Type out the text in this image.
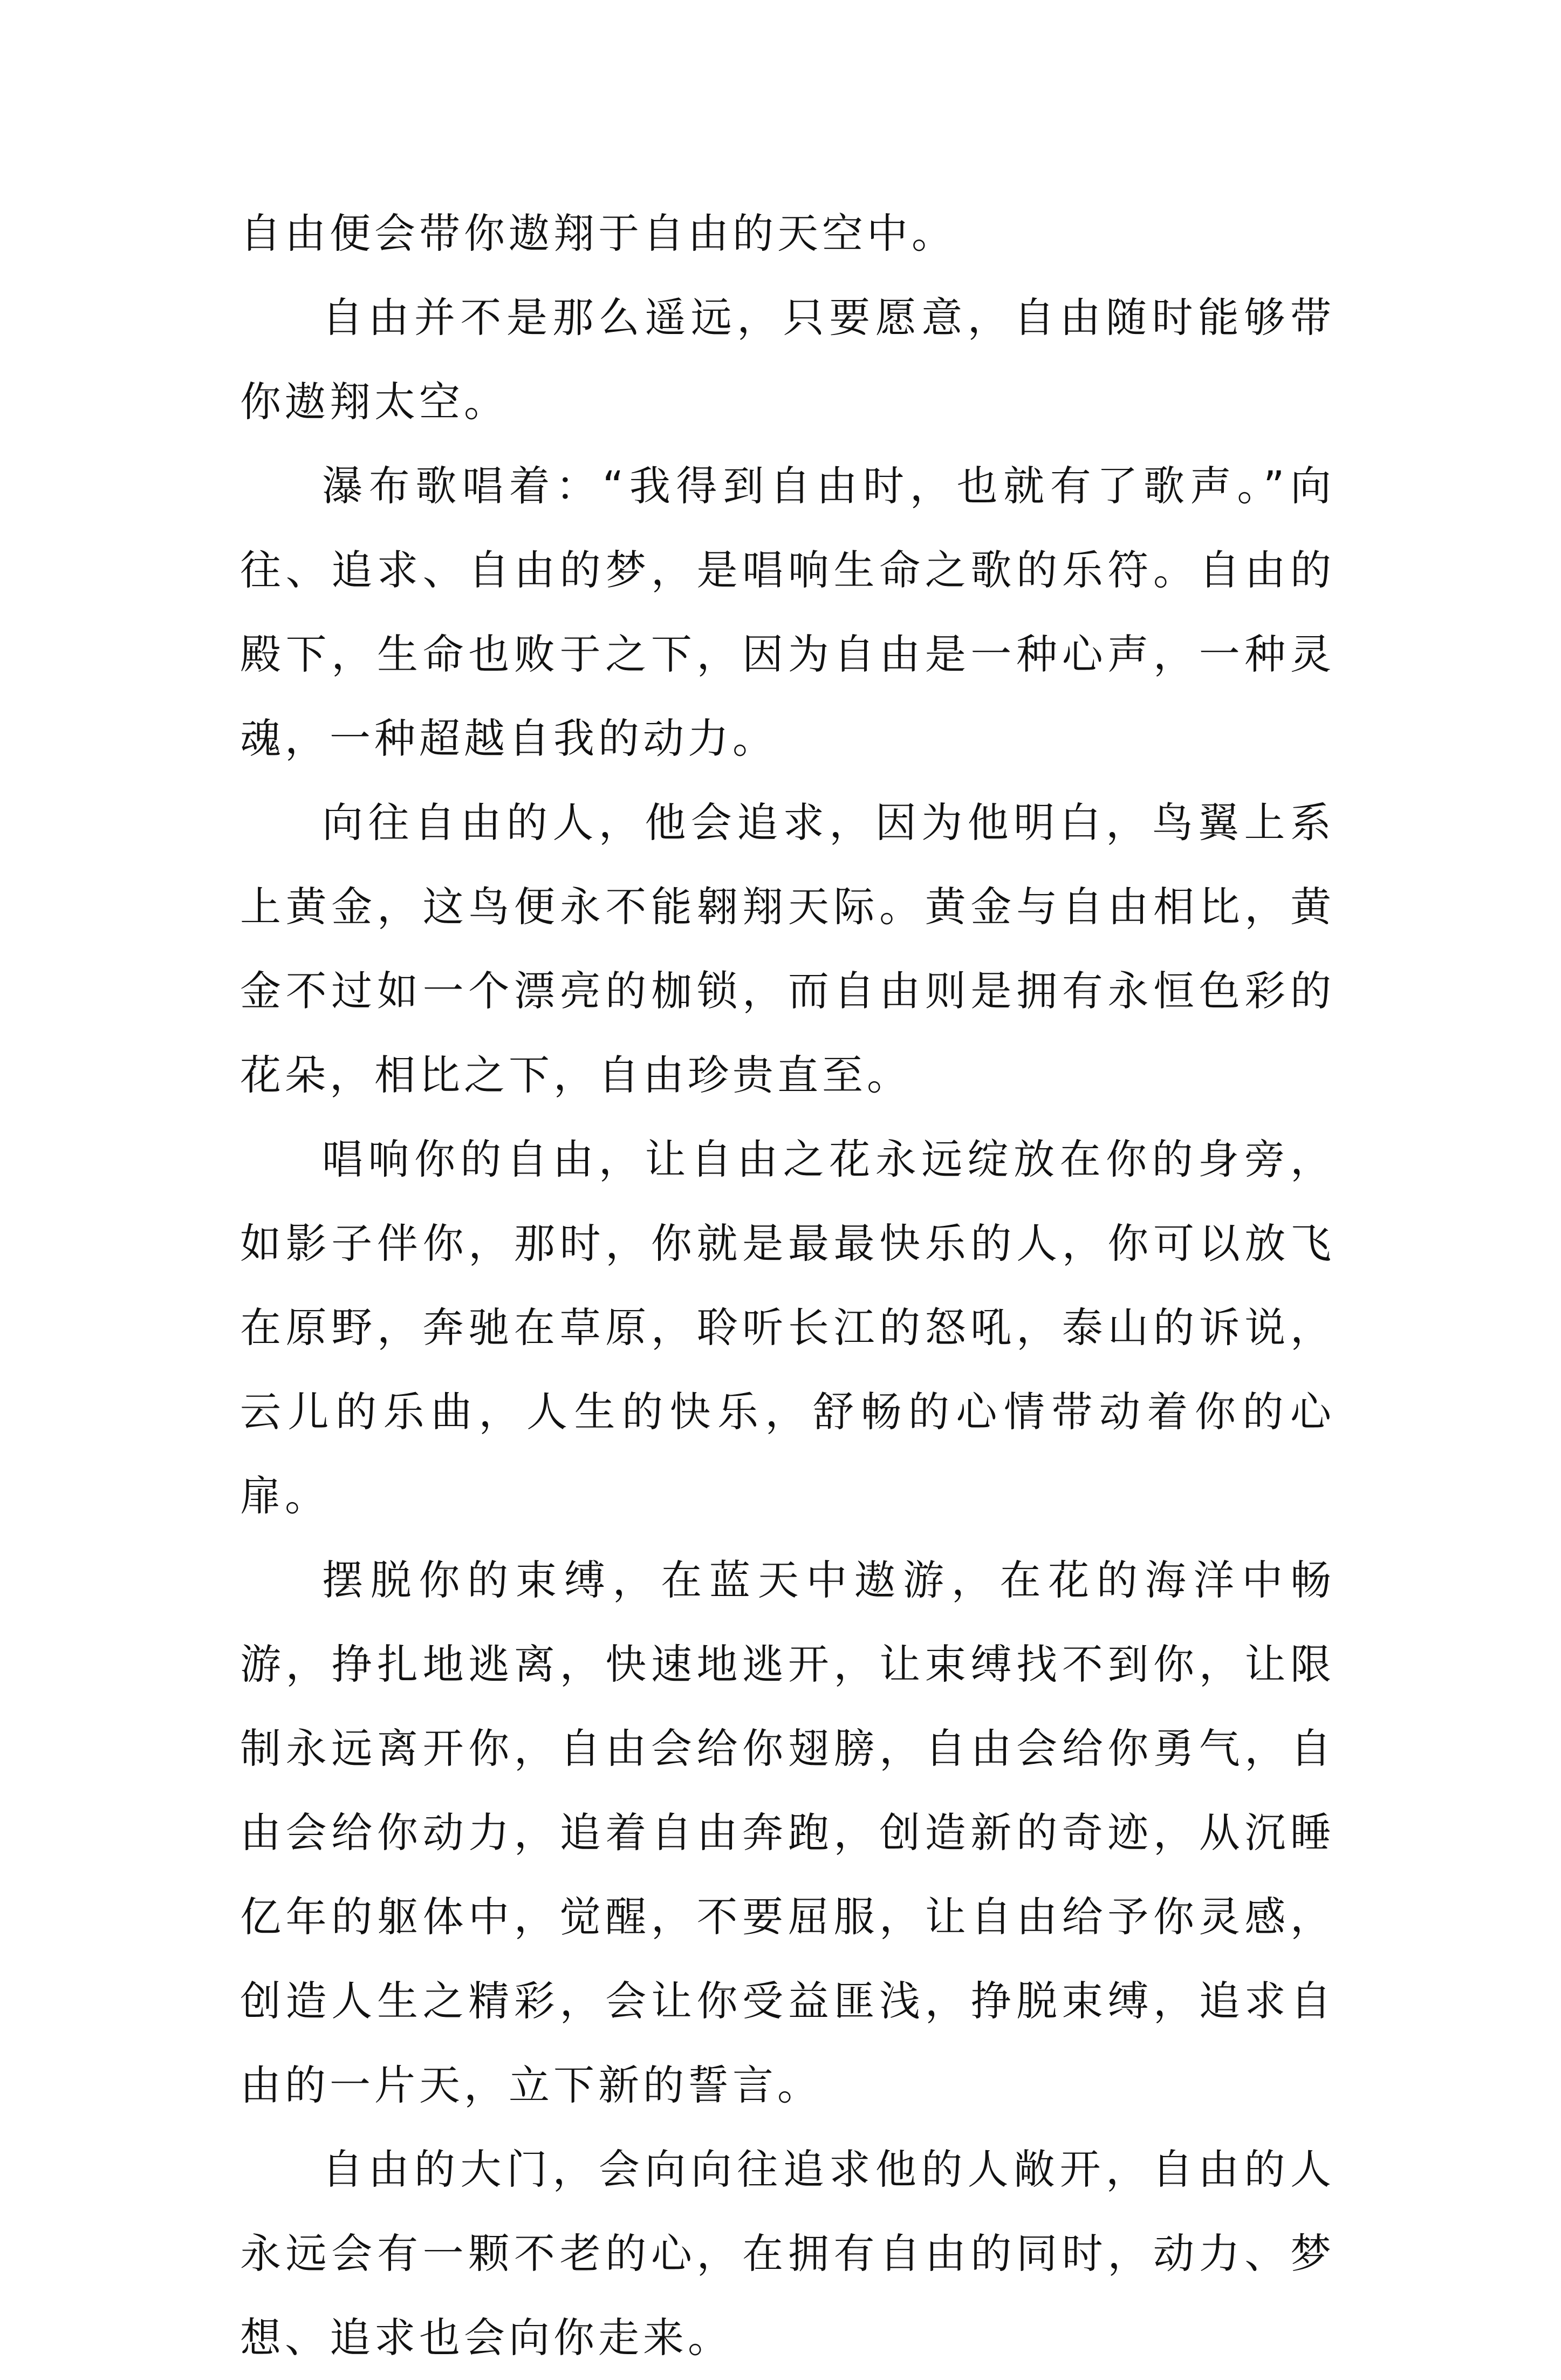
自由便会带你遨翔于自由的天空中。

自由并不是那么遥远，只要愿意，自由随时能够带你遨翔太空。

瀑布歌唱着：“我得到自由时，也就有了歌声。”向往、追求、自由的梦，是唱响生命之歌的乐符。自由的殿下，生命也败于之下，因为自由是一种心声，一种灵魂，一种超越自我的动力。

向往自由的人，他会追求，因为他明白，鸟翼上系上黄金，这鸟便永不能翱翔天际。黄金与自由相比，黄金不过如一个漂亮的枷锁，而自由则是拥有永恒色彩的花朵，相比之下，自由珍贵直至。

唱响你的自由，让自由之花永远绽放在你的身旁，如影子伴你，那时，你就是最最快乐的人，你可以放飞在原野，奔驰在草原，聆听长江的怒吼，泰山的诉说，云儿的乐曲，人生的快乐，舒畅的心情带动着你的心扉。

摆脱你的束缚，在蓝天中遨游，在花的海洋中畅游，挣扎地逃离，快速地逃开，让束缚找不到你，让限制永远离开你，自由会给你翅膀，自由会给你勇气，自由会给你动力，追着自由奔跑，创造新的奇迹，从沉睡亿年的躯体中，觉醒，不要屈服，让自由给予你灵感，创造人生之精彩，会让你受益匪浅，挣脱束缚，追求自由的一片天，立下新的誓言。

自由的大门，会向向往追求他的人敞开，自由的人永远会有一颗不老的心，在拥有自由的同时，动力、梦想、追求也会向你走来。
